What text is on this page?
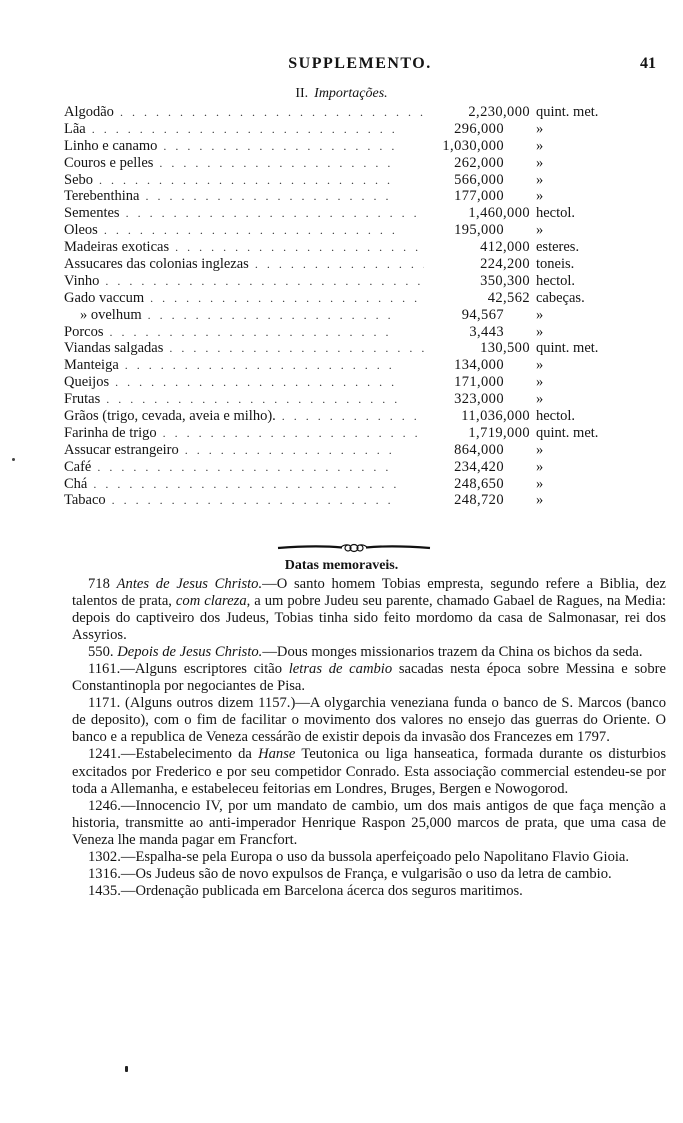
SUPPLEMENTO.	41
II. Importações.
Algodão . . .	2,230,000 quint. met.
Lãa . . .	296,000	»
Linho e canamo . . .	1,030,000	»
Couros e pelles . . .	262,000	»
Sebo . . .	566,000	»
Terebenthina . . .	177,000	»
Sementes . . .	1,460,000 hectol.
Oleos . . .	195,000	»
Madeiras exoticas . . .	412,000 esteres.
Assucares das colonias inglezas . . .	224,200 toneis.
Vinho . . .	350,300 hectol.
Gado vaccum . . .	42,562 cabeças.
» ovelhum . . .	94,567	»
Porcos . . .	3,443	»
Viandas salgadas . . .	130,500 quint. met.
Manteiga . . .	134,000	»
Queijos . . .	171,000	»
Frutas . . .	323,000	»
Grãos (trigo, cevada, aveia e milho). . . .	11,036,000 hectol.
Farinha de trigo . . .	1,719,000 quint. met.
Assucar estrangeiro . . .	864,000	»
Café . . .	234,420	»
Chá . . .	248,650	»
Tabaco . . .	248,720	»
Datas memoraveis.

718 Antes de Jesus Christo.—O santo homem Tobias empresta, segundo refere a Biblia, dez talentos de prata, com clareza, a um pobre Judeu seu parente, chamado Gabael de Ragues, na Media: depois do captiveiro dos Judeus, Tobias tinha sido feito mordomo da casa de Salmonasar, rei dos Assyrios.

550. Depois de Jesus Christo.—Dous monges missionarios trazem da China os bichos da seda.

1161.—Alguns escriptores citão letras de cambio sacadas nesta época sobre Messina e sobre Constantinopla por negociantes de Pisa.

1171. (Alguns outros dizem 1157.)—A olygarchia veneziana funda o banco de S. Marcos (banco de deposito), com o fim de facilitar o movimento dos valores no ensejo das guerras do Oriente. O banco e a republica de Veneza cessárão de existir depois da invasão dos Francezes em 1797.

1241.—Estabelecimento da Hanse Teutonica ou liga hanseatica, formada durante os disturbios excitados por Frederico e por seu competidor Conrado. Esta associação commercial estendeu-se por toda a Allemanha, e estabeleceu feitorias em Londres, Bruges, Bergen e Nowogorod.

1246.—Innocencio IV, por um mandato de cambio, um dos mais antigos de que faça menção a historia, transmitte ao anti-imperador Henrique Raspon 25,000 marcos de prata, que uma casa de Veneza lhe manda pagar em Francfort.

1302.—Espalha-se pela Europa o uso da bussola aperfeiçoado pelo Napolitano Flavio Gioia.

1316.—Os Judeus são de novo expulsos de França, e vulgarisão o uso da letra de cambio.

1435.—Ordenação publicada em Barcelona ácerca dos seguros maritimos.
